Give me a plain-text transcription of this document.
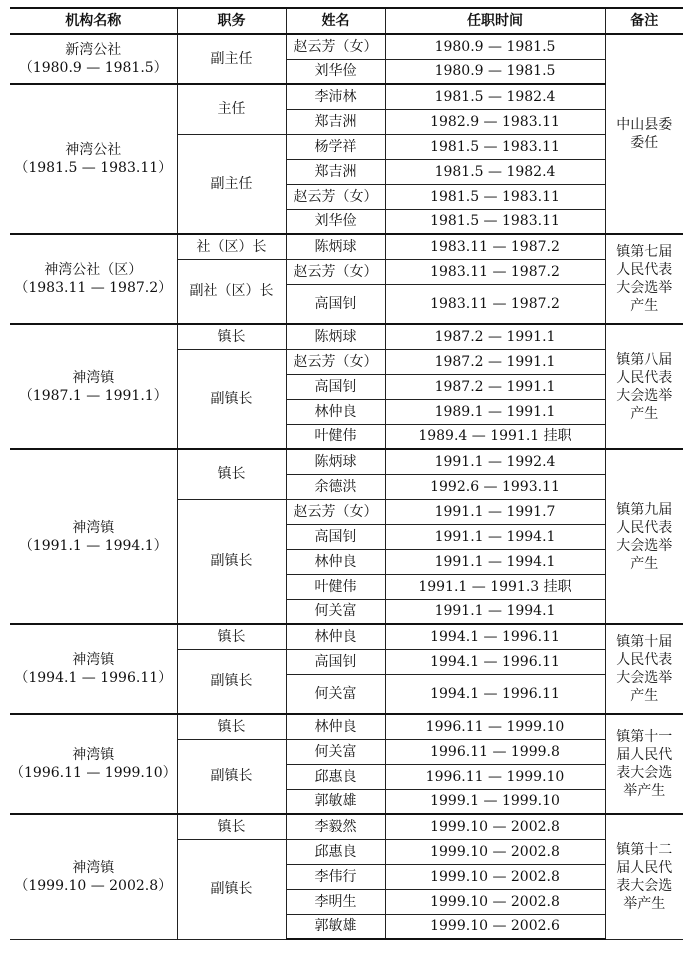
机构名称	职务	姓名	任职时间	备注

新湾公社
（1980.9 — 1981.5）	副主任	赵云芳（女）	1980.9 — 1981.5	中山县委委任
		刘华俭	1980.9 — 1981.5	

神湾公社
（1981.5 — 1983.11）	主任	李沛林	1981.5 — 1982.4	
		郑吉洲	1982.9 — 1983.11	
	副主任	杨学祥	1981.5 — 1983.11	
		郑吉洲	1981.5 — 1982.4	
		赵云芳（女）	1981.5 — 1983.11	
		刘华俭	1981.5 — 1983.11	

神湾公社（区）
（1983.11 — 1987.2）	社（区）长	陈炳球	1983.11 — 1987.2	镇第七届人民代表大会选举产生
	副社（区）长	赵云芳（女）	1983.11 — 1987.2	
		高国钊	1983.11 — 1987.2	

神湾镇
（1987.1 — 1991.1）	镇长	陈炳球	1987.2 — 1991.1	镇第八届人民代表大会选举产生
	副镇长	赵云芳（女）	1987.2 — 1991.1	
		高国钊	1987.2 — 1991.1	
		林仲良	1989.1 — 1991.1	
		叶健伟	1989.4 — 1991.1 挂职	

神湾镇
（1991.1 — 1994.1）	镇长	陈炳球	1991.1 — 1992.4	镇第九届人民代表大会选举产生
		余德洪	1992.6 — 1993.11	
	副镇长	赵云芳（女）	1991.1 — 1991.7	
		高国钊	1991.1 — 1994.1	
		林仲良	1991.1 — 1994.1	
		叶健伟	1991.1 — 1991.3 挂职	
		何关富	1991.1 — 1994.1	

神湾镇
（1994.1 — 1996.11）	镇长	林仲良	1994.1 — 1996.11	镇第十届人民代表大会选举产生
	副镇长	高国钊	1994.1 — 1996.11	
		何关富	1994.1 — 1996.11	

神湾镇
（1996.11 — 1999.10）	镇长	林仲良	1996.11 — 1999.10	镇第十一届人民代表大会选举产生
	副镇长	何关富	1996.11 — 1999.8	
		邱惠良	1996.11 — 1999.10	
		郭敏雄	1999.1 — 1999.10	

神湾镇
（1999.10 — 2002.8）	镇长	李毅然	1999.10 — 2002.8	镇第十二届人民代表大会选举产生
	副镇长	邱惠良	1999.10 — 2002.8	
		李伟行	1999.10 — 2002.8	
		李明生	1999.10 — 2002.8	
		郭敏雄	1999.10 — 2002.6	
